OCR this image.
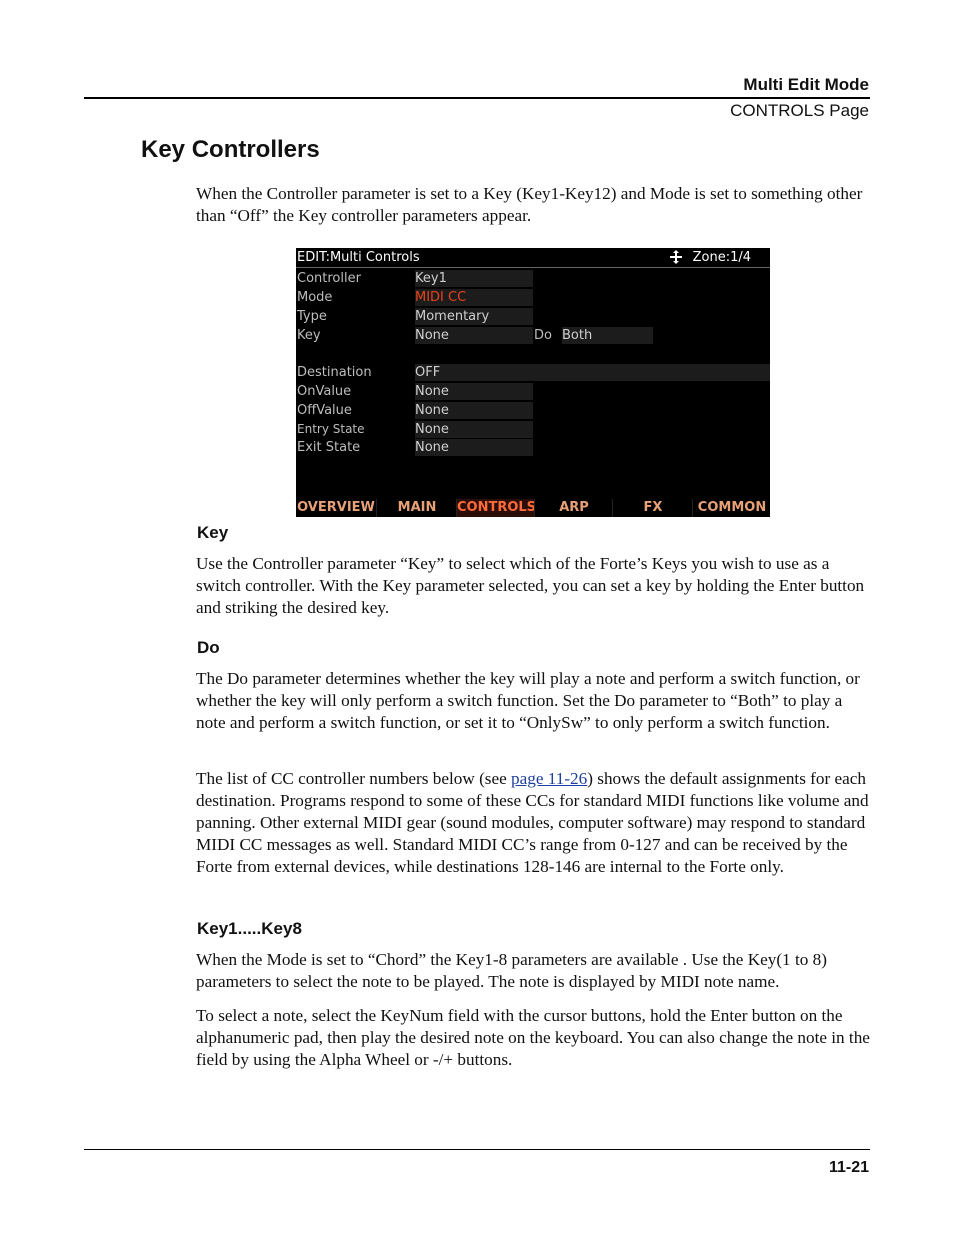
Multi Edit Mode
CONTROLS Page
Key Controllers

When the Controller parameter is set to a Key (Key1-Key12) and Mode is set to something other than “Off” the Key controller parameters appear.

EDIT:Multi Controls	Zone:1/4
Controller	Key1
Mode	MIDI CC
Type	Momentary
Key	None	Do Both
Destination	OFF
OnValue	None
OffValue	None
Entry State	None
Exit State	None
OVERVIEW	MAIN	CONTROLS	ARP	FX	COMMON
Key

Use the Controller parameter “Key” to select which of the Forte’s Keys you wish to use as a switch controller. With the Key parameter selected, you can set a key by holding the Enter button and striking the desired key.

Do

The Do parameter determines whether the key will play a note and perform a switch function, or whether the key will only perform a switch function. Set the Do parameter to “Both” to play a note and perform a switch function, or set it to “OnlySw” to only perform a switch function.

The list of CC controller numbers below (see page 11-26) shows the default assignments for each destination. Programs respond to some of these CCs for standard MIDI functions like volume and panning. Other external MIDI gear (sound modules, computer software) may respond to standard MIDI CC messages as well. Standard MIDI CC’s range from 0-127 and can be received by the Forte from external devices, while destinations 128-146 are internal to the Forte only.

Key1.....Key8

When the Mode is set to “Chord” the Key1-8 parameters are available . Use the Key(1 to 8) parameters to select the note to be played. The note is displayed by MIDI note name.

To select a note, select the KeyNum field with the cursor buttons, hold the Enter button on the alphanumeric pad, then play the desired note on the keyboard. You can also change the note in the field by using the Alpha Wheel or -/+ buttons.

11-21
